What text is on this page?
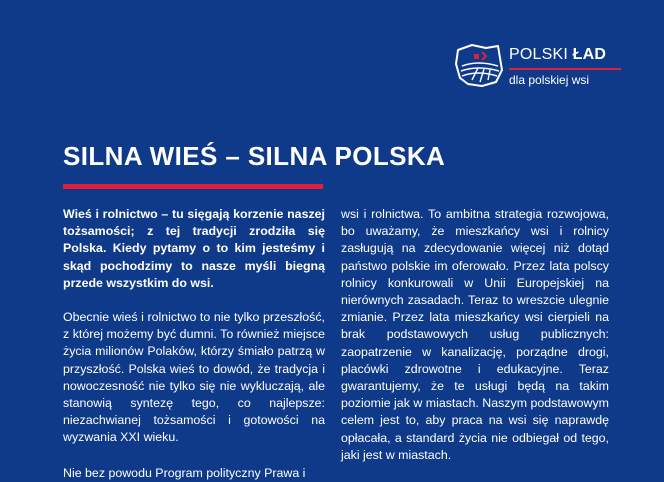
POLSKI ŁAD
dla polskiej wsi
SILNA WIEŚ – SILNA POLSKA

Wieś i rolnictwo – tu sięgają korzenie naszej tożsamości; z tej tradycji zrodziła się Polska. Kiedy pytamy o to kim jesteśmy i skąd pochodzimy to nasze myśli biegną przede wszystkim do wsi.

Obecnie wieś i rolnictwo to nie tylko przeszłość, z której możemy być dumni. To również miejsce życia milionów Polaków, którzy śmiało patrzą w przyszłość. Polska wieś to dowód, że tradycja i nowoczesność nie tylko się nie wykluczają, ale stanowią syntezę tego, co najlepsze: niezachwianej tożsamości i gotowości na wyzwania XXI wieku.

Nie bez powodu Program polityczny Prawa i

wsi i rolnictwa. To ambitna strategia rozwojowa, bo uważamy, że mieszkańcy wsi i rolnicy zasługują na zdecydowanie więcej niż dotąd państwo polskie im oferowało. Przez lata polscy rolnicy konkurowali w Unii Europejskiej na nierównych zasadach. Teraz to wreszcie ulegnie zmianie. Przez lata mieszkańcy wsi cierpieli na brak podstawowych usług publicznych: zaopatrzenie w kanalizację, porządne drogi, placówki zdrowotne i edukacyjne. Teraz gwarantujemy, że te usługi będą na takim poziomie jak w miastach. Naszym podstawowym celem jest to, aby praca na wsi się naprawdę opłacała, a standard życia nie odbiegał od tego, jaki jest w miastach.
